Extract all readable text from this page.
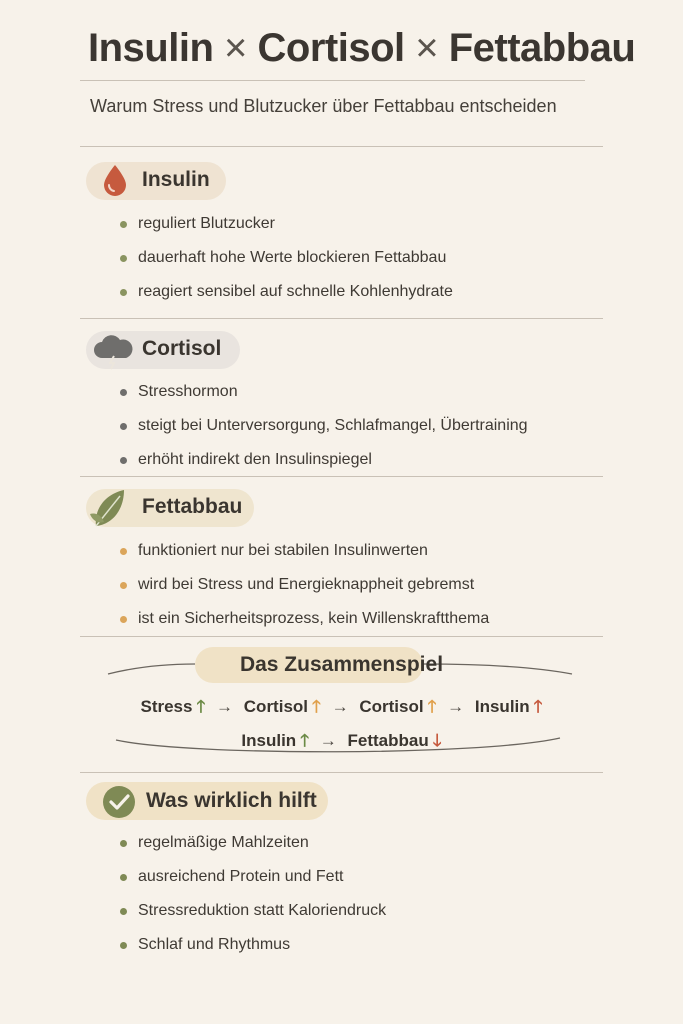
Insulin × Cortisol × Fettabbau
Warum Stress und Blutzucker über Fettabbau entscheiden
Insulin
reguliert Blutzucker
dauerhaft hohe Werte blockieren Fettabbau
reagiert sensibel auf schnelle Kohlenhydrate
Cortisol
Stresshormon
steigt bei Unterversorgung, Schlafmangel, Übertraining
erhöht indirekt den Insulinspiegel
Fettabbau
funktioniert nur bei stabilen Insulinwerten
wird bei Stress und Energieknappheit gebremst
ist ein Sicherheitsprozess, kein Willenskraftthema
Das Zusammenspiel
Stress 🡑 → Cortisol 🡑 → Cortisol 🡑 → Insulin 🡑
Insulin 🡑 → Fettabbau 🡓
Was wirklich hilft
regelmäßige Mahlzeiten
ausreichend Protein und Fett
Stressreduktion statt Kaloriendruck
Schlaf und Rhythmus
